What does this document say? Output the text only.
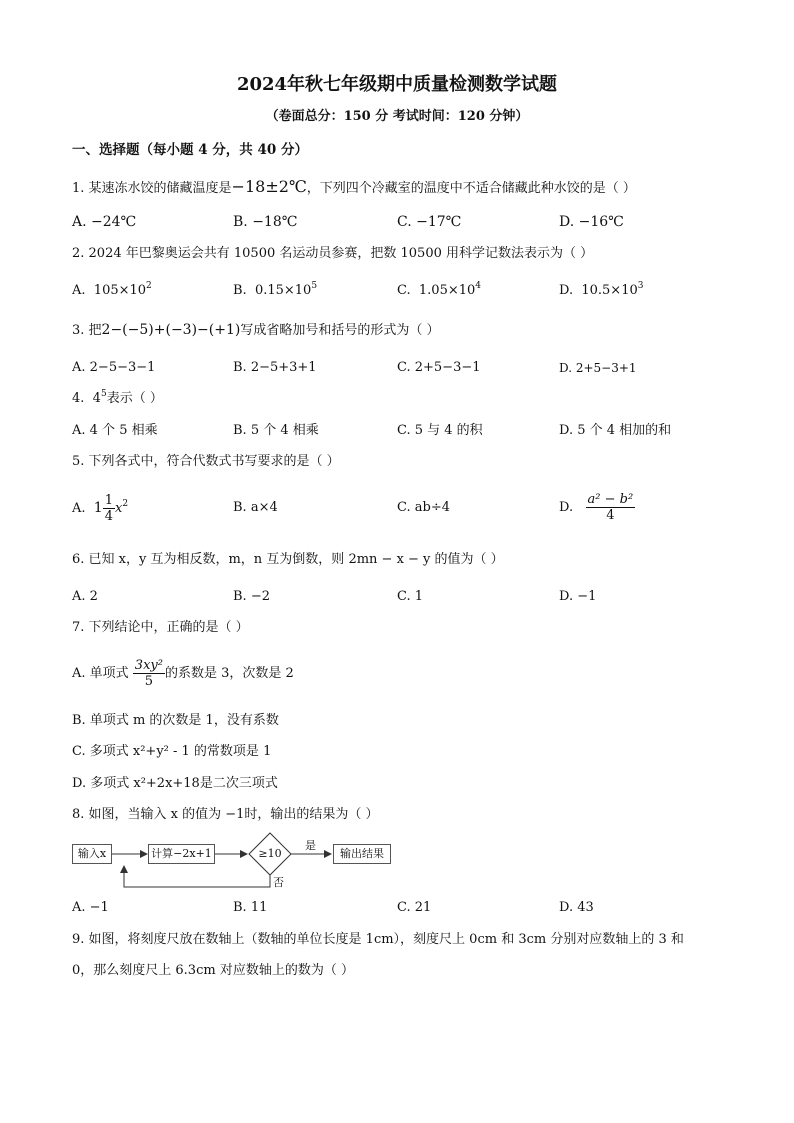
2024年秋七年级期中质量检测数学试题
（卷面总分：150 分 考试时间：120 分钟）
一、选择题（每小题 4 分，共 40 分）
1. 某速冻水饺的储藏温度是−18±2℃，下列四个冷藏室的温度中不适合储藏此种水饺的是（ ）
A. −24℃	B. −18℃	C. −17℃	D. −16℃
2. 2024 年巴黎奥运会共有 10500 名运动员参赛，把数 10500 用科学记数法表示为（ ）
A. $105\times 10^2$	B. $0.15\times 10^5$	C. $1.05\times 10^4$	D. $10.5\times 10^3$
3. 把2−(−5)+(−3)−(+1)写成省略加号和括号的形式为（ ）
A. 2−5−3−1	B. 2−5+3+1	C. 2+5−3−1	D. 2+5−3+1
4. $4^5$表示（ ）
A. 4 个 5 相乘	B. 5 个 4 相乘	C. 5 与 4 的积	D. 5 个 4 相加的和
5. 下列各式中，符合代数式书写要求的是（ ）
A. $1 \frac{1}{4} x^2$	B. a×4	C. ab÷4	D. $\frac{\text{a² − b²}}{4}$
6. 已知 x，y 互为相反数，m，n 互为倒数，则 2mn − x − y 的值为（ ）
A. 2	B. −2	C. 1	D. −1
7. 下列结论中，正确的是（ ）
A. 单项式 $\frac{\text{3xy²}}{5}$ 的系数是 3，次数是 2
B. 单项式 m 的次数是 1，没有系数
C. 多项式 x²+y² - 1 的常数项是 1
D. 多项式 x²+2x+18是二次三项式
8. 如图，当输入 x 的值为 −1时，输出的结果为（ ）
输入x	计算−2x+1	≥10	输出结果
是
否
A. −1	B. 11	C. 21	D. 43
9. 如图，将刻度尺放在数轴上（数轴的单位长度是 1cm），刻度尺上 0cm 和 3cm 分别对应数轴上的 3 和
0，那么刻度尺上 6.3cm 对应数轴上的数为（ ）
